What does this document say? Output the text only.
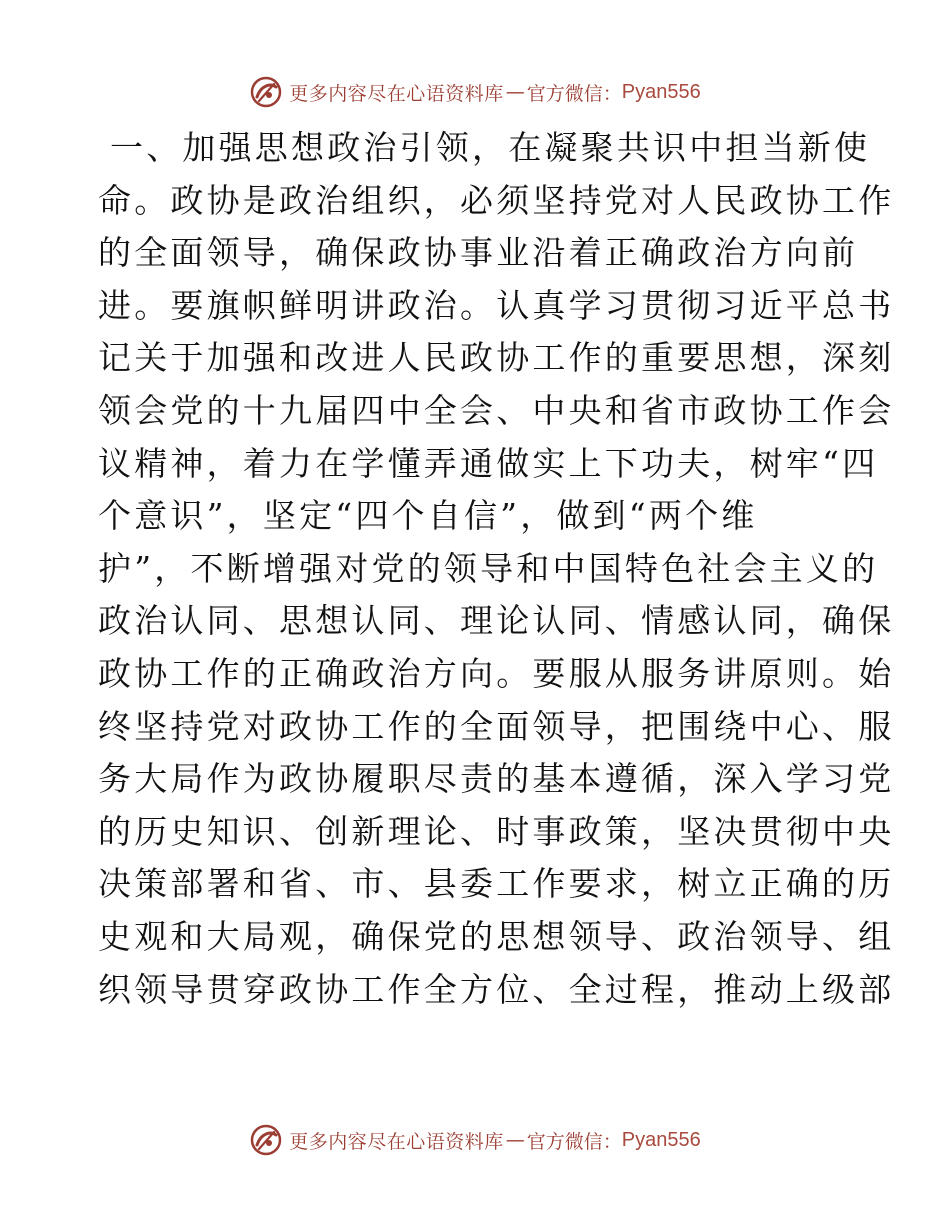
更多内容尽在心语资料库 — 官方微信： Pyan556
一、加强思想政治引领，在凝聚共识中担当新使
命。政协是政治组织，必须坚持党对人民政协工作
的全面领导，确保政协事业沿着正确政治方向前
进。要旗帜鲜明讲政治。认真学习贯彻习近平总书
记关于加强和改进人民政协工作的重要思想，深刻
领会党的十九届四中全会、中央和省市政协工作会
议精神，着力在学懂弄通做实上下功夫，树牢“四
个意识”，坚定“四个自信”，做到“两个维
护”，不断增强对党的领导和中国特色社会主义的
政治认同、思想认同、理论认同、情感认同，确保
政协工作的正确政治方向。要服从服务讲原则。始
终坚持党对政协工作的全面领导，把围绕中心、服
务大局作为政协履职尽责的基本遵循，深入学习党
的历史知识、创新理论、时事政策，坚决贯彻中央
决策部署和省、市、县委工作要求，树立正确的历
史观和大局观，确保党的思想领导、政治领导、组
织领导贯穿政协工作全方位、全过程，推动上级部
更多内容尽在心语资料库 — 官方微信： Pyan556
